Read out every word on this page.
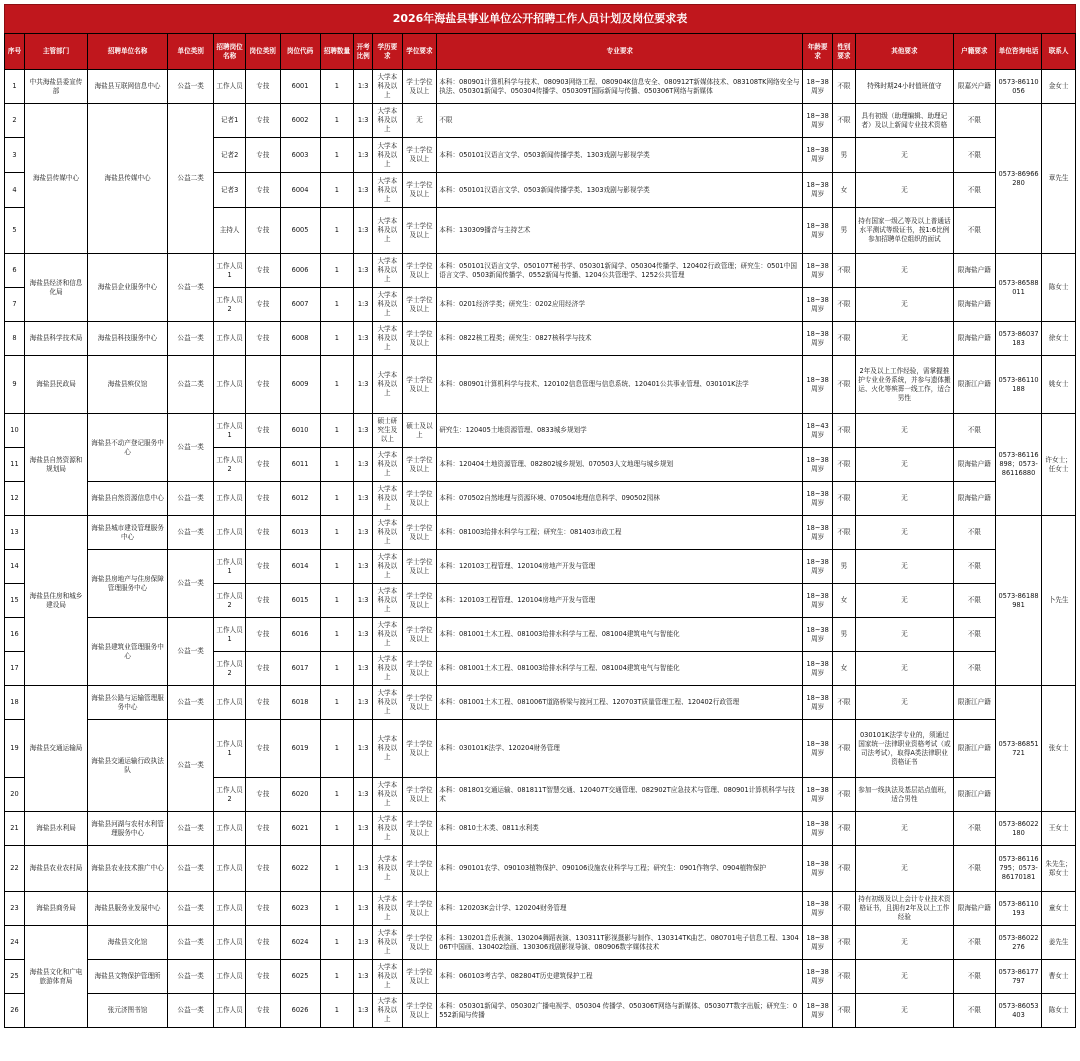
2026年海盐县事业单位公开招聘工作人员计划及岗位要求表
序号	主管部门	招聘单位名称	单位类别	招聘岗位名称	岗位类别	岗位代码	招聘数量	开考比例	学历要求	学位要求	专业要求	年龄要求	性别要求	其他要求	户籍要求	单位咨询电话	联系人
1	中共海盐县委宣传部	海盐县互联网信息中心	公益一类	工作人员	专技	6001	1	1:3	大学本科及以上	学士学位及以上	本科：080901计算机科学与技术、080903网络工程、080904K信息安全、080912T新媒体技术、083108TK网络安全与执法、050301新闻学、050304传播学、050309T国际新闻与传播、050306T网络与新媒体	18~38周岁	不限	特殊时期24小时值班值守	限嘉兴户籍	0573-86110056	金女士
2	海盐县传媒中心	海盐县传媒中心	公益二类	记者1	专技	6002	1	1:3	大学本科及以上	无	不限	18~38周岁	不限	具有初级（助理编辑、助理记者）及以上新闻专业技术资格	不限	0573-86966280	章先生
3				记者2	专技	6003	1	1:3	大学本科及以上	学士学位及以上	本科：050101汉语言文学、0503新闻传播学类、1303戏剧与影视学类	18~38周岁	男	无	不限		
4				记者3	专技	6004	1	1:3	大学本科及以上	学士学位及以上	本科：050101汉语言文学、0503新闻传播学类、1303戏剧与影视学类	18~38周岁	女	无	不限		
5				主持人	专技	6005	1	1:3	大学本科及以上	学士学位及以上	本科：130309播音与主持艺术	18~38周岁	男	持有国家一级乙等及以上普通话水平测试等级证书，按1:6比例参加招聘单位组织的面试	不限		
6	海盐县经济和信息化局	海盐县企业服务中心	公益一类	工作人员1	专技	6006	1	1:3	大学本科及以上	学士学位及以上	本科：050101汉语言文学、050107T秘书学、050301新闻学、050304传播学、120402行政管理；研究生：0501中国语言文学、0503新闻传播学、0552新闻与传播、1204公共管理学、1252公共管理	18~38周岁	不限	无	限海盐户籍	0573-86588011	陈女士
7				工作人员2	专技	6007	1	1:3	大学本科及以上	学士学位及以上	本科：0201经济学类；研究生：0202应用经济学	18~38周岁	不限	无	限海盐户籍		
8	海盐县科学技术局	海盐县科技服务中心	公益一类	工作人员	专技	6008	1	1:3	大学本科及以上	学士学位及以上	本科：0822核工程类；研究生：0827核科学与技术	18~38周岁	不限	无	限海盐户籍	0573-86037183	徐女士
9	海盐县民政局	海盐县殡仪馆	公益二类	工作人员	专技	6009	1	1:3	大学本科及以上	学士学位及以上	本科：080901计算机科学与技术、120102信息管理与信息系统、120401公共事业管理、030101K法学	18~38周岁	不限	2年及以上工作经验，需掌握推护专业业务系统，并参与遗体搬运、火化等殡葬一线工作，适合男性	限浙江户籍	0573-86110188	姚女士
10	海盐县自然资源和规划局	海盐县不动产登记服务中心	公益一类	工作人员1	专技	6010	1	1:3	硕士研究生及以上	硕士及以上	研究生：120405土地资源管理、0833城乡规划学	18~43周岁	不限	无	不限	0573-86116898；0573-86116880	许女士；任女士
11				工作人员2	专技	6011	1	1:3	大学本科及以上	学士学位及以上	本科：120404土地资源管理、082802城乡规划、070503人文地理与城乡规划	18~38周岁	不限	无	限海盐户籍		
12		海盐县自然资源信息中心	公益一类	工作人员	专技	6012	1	1:3	大学本科及以上	学士学位及以上	本科：070502自然地理与资源环境、070504地理信息科学、090502园林	18~38周岁	不限	无	限海盐户籍		
13	海盐县住房和城乡建设局	海盐县城市建设管理服务中心	公益一类	工作人员	专技	6013	1	1:3	大学本科及以上	学士学位及以上	本科：081003给排水科学与工程；研究生：081403市政工程	18~38周岁	不限	无	不限	0573-86188981	卜先生
14		海盐县房地产与住房保障管理服务中心	公益一类	工作人员1	专技	6014	1	1:3	大学本科及以上	学士学位及以上	本科：120103工程管理、120104房地产开发与管理	18~38周岁	男	无	不限		
15				工作人员2	专技	6015	1	1:3	大学本科及以上	学士学位及以上	本科：120103工程管理、120104房地产开发与管理	18~38周岁	女	无	不限		
16		海盐县建筑业管理服务中心	公益一类	工作人员1	专技	6016	1	1:3	大学本科及以上	学士学位及以上	本科：081001土木工程、081003给排水科学与工程、081004建筑电气与智能化	18~38周岁	男	无	不限		
17				工作人员2	专技	6017	1	1:3	大学本科及以上	学士学位及以上	本科：081001土木工程、081003给排水科学与工程、081004建筑电气与智能化	18~38周岁	女	无	不限		
18	海盐县交通运输局	海盐县公路与运输管理服务中心	公益一类	工作人员	专技	6018	1	1:3	大学本科及以上	学士学位及以上	本科：081001土木工程、081006T道路桥梁与渡河工程、120703T质量管理工程、120402行政管理	18~38周岁	不限	无	限浙江户籍	0573-86851721	张女士
19		海盐县交通运输行政执法队	公益一类	工作人员1	专技	6019	1	1:3	大学本科及以上	学士学位及以上	本科：030101K法学、120204财务管理	18~38周岁	不限	030101K法学专业的，须通过国家统一法律职业资格考试（或司法考试），取得A类法律职业资格证书	限浙江户籍		
20				工作人员2	专技	6020	1	1:3	大学本科及以上	学士学位及以上	本科：081801交通运输、081811T智慧交通、120407T交通管理、082902T应急技术与管理、080901计算机科学与技术	18~38周岁	不限	参加一线执法及基层站点值班，适合男性	限浙江户籍		
21	海盐县水利局	海盐县河湖与农村水利管理服务中心	公益一类	工作人员	专技	6021	1	1:3	大学本科及以上	学士学位及以上	本科：0810土木类、0811水利类	18~38周岁	不限	无	不限	0573-86022180	王女士
22	海盐县农业农村局	海盐县农业技术推广中心	公益一类	工作人员	专技	6022	1	1:3	大学本科及以上	学士学位及以上	本科：090101农学、090103植物保护、090106设施农业科学与工程；研究生：0901作物学、0904植物保护	18~38周岁	不限	无	不限	0573-86116795；0573-86170181	朱先生；郑女士
23	海盐县商务局	海盐县服务业发展中心	公益一类	工作人员	专技	6023	1	1:3	大学本科及以上	学士学位及以上	本科：120203K会计学、120204财务管理	18~38周岁	不限	持有初级及以上会计专业技术资格证书，且拥有2年及以上工作经验	限海盐户籍	0573-86110193	童女士
24	海盐县文化和广电旅游体育局	海盐县文化馆	公益一类	工作人员	专技	6024	1	1:3	大学本科及以上	学士学位及以上	本科：130201音乐表演、130204舞蹈表演、130311T影视摄影与制作、130314TK曲艺、080701电子信息工程、130406T中国画、130402绘画、130306戏剧影视导演、080906数字媒体技术	18~38周岁	不限	无	不限	0573-86022276	姜先生
25		海盐县文物保护管理所	公益一类	工作人员	专技	6025	1	1:3	大学本科及以上	学士学位及以上	本科：060103考古学、082804T历史建筑保护工程	18~38周岁	不限	无	不限	0573-86177797	曹女士
26		张元济图书馆	公益一类	工作人员	专技	6026	1	1:3	大学本科及以上	学士学位及以上	本科：050301新闻学、050302广播电视学、050304 传播学、050306T网络与新媒体、050307T数字出版；研究生：0552新闻与传播	18~38周岁	不限	无	不限	0573-86053403	陈女士
